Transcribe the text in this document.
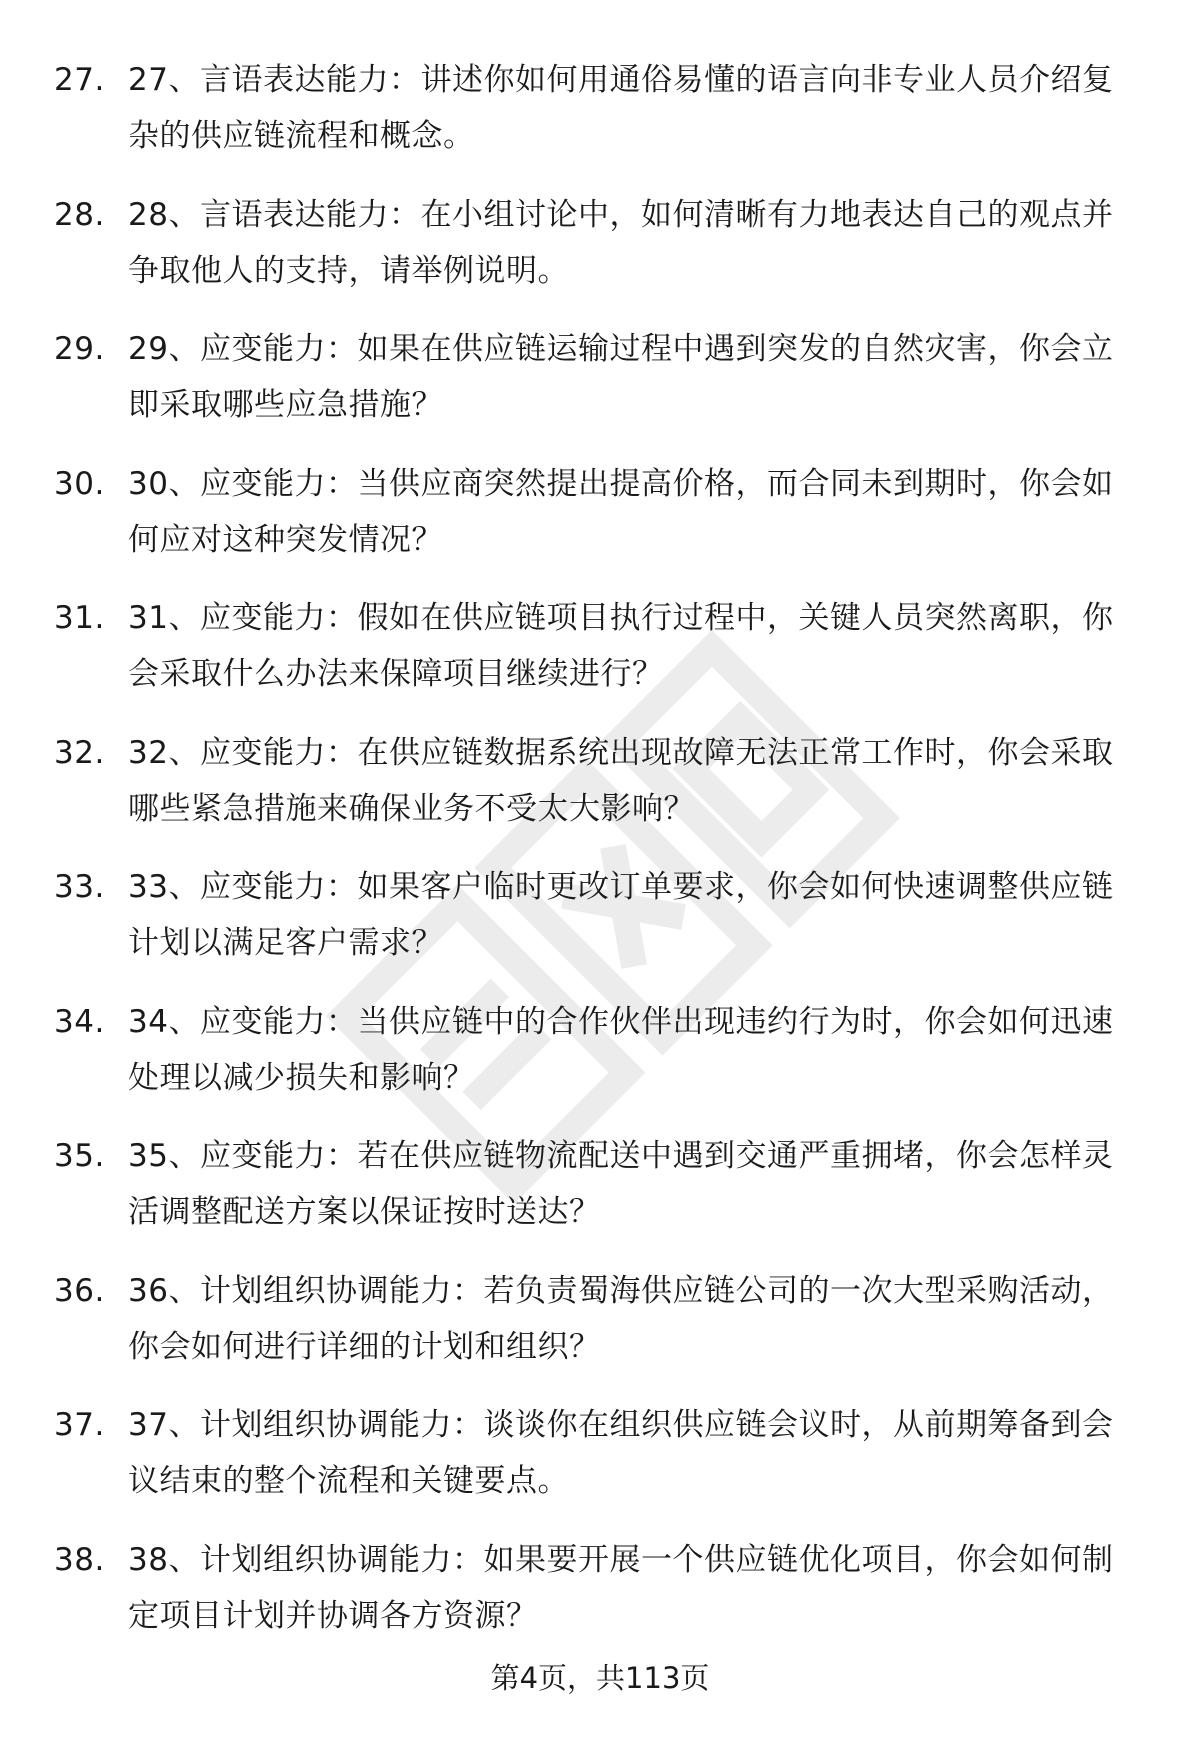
27. 27、言语表达能力：讲述你如何用通俗易懂的语言向非专业人员介绍复杂的供应链流程和概念。
28. 28、言语表达能力：在小组讨论中，如何清晰有力地表达自己的观点并争取他人的支持，请举例说明。
29. 29、应变能力：如果在供应链运输过程中遇到突发的自然灾害，你会立即采取哪些应急措施？
30. 30、应变能力：当供应商突然提出提高价格，而合同未到期时，你会如何应对这种突发情况？
31. 31、应变能力：假如在供应链项目执行过程中，关键人员突然离职，你会采取什么办法来保障项目继续进行？
32. 32、应变能力：在供应链数据系统出现故障无法正常工作时，你会采取哪些紧急措施来确保业务不受太大影响？
33. 33、应变能力：如果客户临时更改订单要求，你会如何快速调整供应链计划以满足客户需求？
34. 34、应变能力：当供应链中的合作伙伴出现违约行为时，你会如何迅速处理以减少损失和影响？
35. 35、应变能力：若在供应链物流配送中遇到交通严重拥堵，你会怎样灵活调整配送方案以保证按时送达？
36. 36、计划组织协调能力：若负责蜀海供应链公司的一次大型采购活动，你会如何进行详细的计划和组织？
37. 37、计划组织协调能力：谈谈你在组织供应链会议时，从前期筹备到会议结束的整个流程和关键要点。
38. 38、计划组织协调能力：如果要开展一个供应链优化项目，你会如何制定项目计划并协调各方资源？
第4页，共113页
